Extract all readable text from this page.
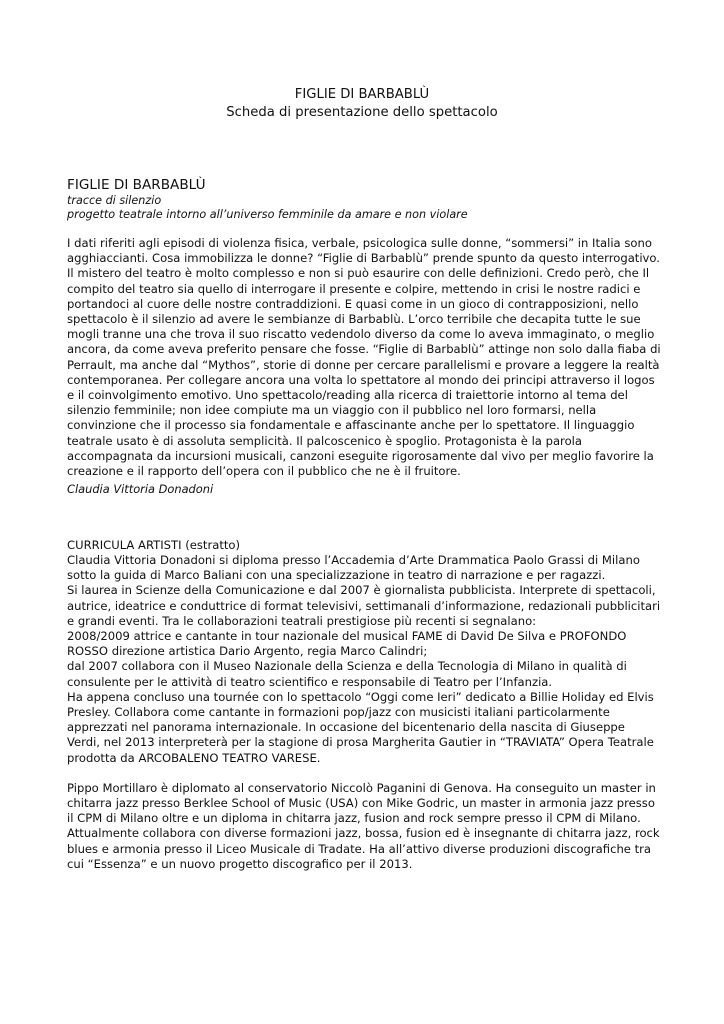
FIGLIE DI BARBABLÙ
Scheda di presentazione dello spettacolo
FIGLIE DI BARBABLÙ
tracce di silenzio
progetto teatrale intorno all’universo femminile da amare e non violare

I dati riferiti agli episodi di violenza fisica, verbale, psicologica sulle donne, “sommersi” in Italia sono agghiaccianti. Cosa immobilizza le donne? “Figlie di Barbablù” prende spunto da questo interrogativo. Il mistero del teatro è molto complesso e non si può esaurire con delle definizioni. Credo però, che Il compito del teatro sia quello di interrogare il presente e colpire, mettendo in crisi le nostre radici e portandoci al cuore delle nostre contraddizioni. E quasi come in un gioco di contrapposizioni, nello spettacolo è il silenzio ad avere le sembianze di Barbablù. L’orco terribile che decapita tutte le sue mogli tranne una che trova il suo riscatto vedendolo diverso da come lo aveva immaginato, o meglio ancora, da come aveva preferito pensare che fosse. “Figlie di Barbablù” attinge non solo dalla fiaba di Perrault, ma anche dal “Mythos”, storie di donne per cercare parallelismi e provare a leggere la realtà contemporanea. Per collegare ancora una volta lo spettatore al mondo dei principi attraverso il logos e il coinvolgimento emotivo. Uno spettacolo/reading alla ricerca di traiettorie intorno al tema del silenzio femminile; non idee compiute ma un viaggio con il pubblico nel loro formarsi, nella convinzione che il processo sia fondamentale e affascinante anche per lo spettatore. Il linguaggio teatrale usato è di assoluta semplicità. Il palcoscenico è spoglio. Protagonista è la parola accompagnata da incursioni musicali, canzoni eseguite rigorosamente dal vivo per meglio favorire la creazione e il rapporto dell’opera con il pubblico che ne è il fruitore.

Claudia Vittoria Donadoni
CURRICULA ARTISTI (estratto)

Claudia Vittoria Donadoni si diploma presso l’Accademia d’Arte Drammatica Paolo Grassi di Milano sotto la guida di Marco Baliani con una specializzazione in teatro di narrazione e per ragazzi.

Si laurea in Scienze della Comunicazione e dal 2007 è giornalista pubblicista. Interprete di spettacoli, autrice, ideatrice e conduttrice di format televisivi, settimanali d’informazione, redazionali pubblicitari e grandi eventi. Tra le collaborazioni teatrali prestigiose più recenti si segnalano:

2008/2009 attrice e cantante in tour nazionale del musical FAME di David De Silva e PROFONDO ROSSO direzione artistica Dario Argento, regia Marco Calindri;

dal 2007 collabora con il Museo Nazionale della Scienza e della Tecnologia di Milano in qualità di consulente per le attività di teatro scientifico e responsabile di Teatro per l’Infanzia.

Ha appena concluso una tournée con lo spettacolo “Oggi come Ieri” dedicato a Billie Holiday ed Elvis Presley. Collabora come cantante in formazioni pop/jazz con musicisti italiani particolarmente apprezzati nel panorama internazionale. In occasione del bicentenario della nascita di Giuseppe Verdi, nel 2013 interpreterà per la stagione di prosa Margherita Gautier in “TRAVIATA” Opera Teatrale prodotta da ARCOBALENO TEATRO VARESE.

Pippo Mortillaro è diplomato al conservatorio Niccolò Paganini di Genova. Ha conseguito un master in chitarra jazz presso Berklee School of Music (USA) con Mike Godric, un master in armonia jazz presso il CPM di Milano oltre e un diploma in chitarra jazz, fusion and rock sempre presso il CPM di Milano. Attualmente collabora con diverse formazioni jazz, bossa, fusion ed è insegnante di chitarra jazz, rock blues e armonia presso il Liceo Musicale di Tradate. Ha all’attivo diverse produzioni discografiche tra cui “Essenza” e un nuovo progetto discografico per il 2013.
